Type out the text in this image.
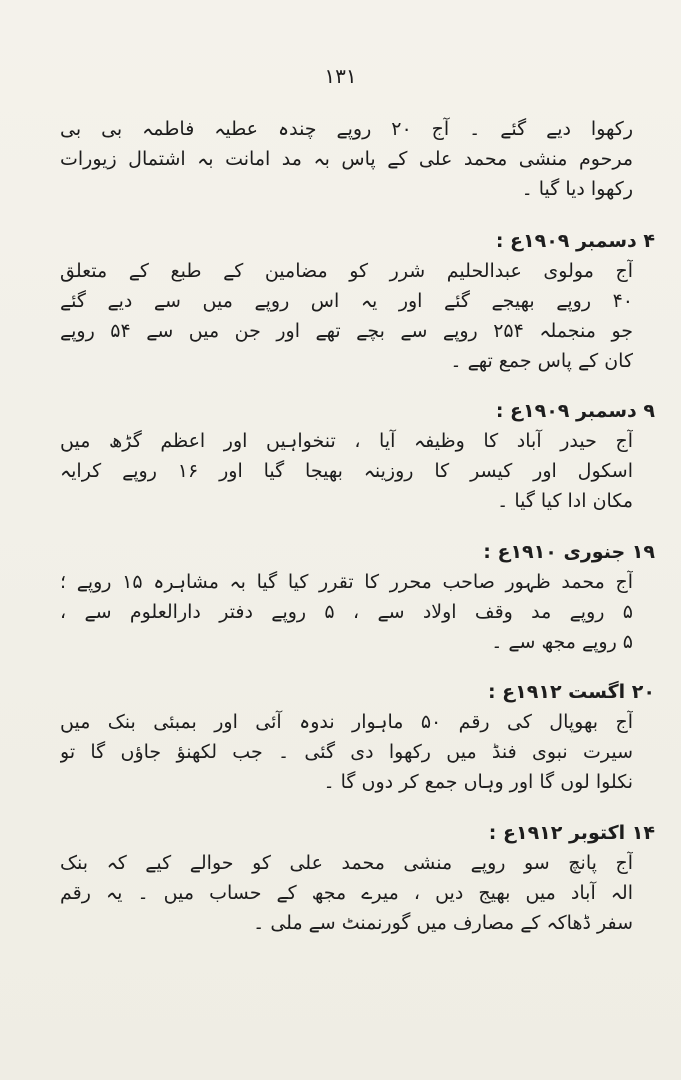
۱۳۱
رکھوا دیے گئے ۔ آج ۲۰ روپے چندہ عطیہ فاطمہ بی بی
مرحوم منشی محمد علی کے پاس بہ مد امانت بہ اشتمال زیورات
رکھوا دیا گیا ۔
۴ دسمبر ۱۹۰۹ع :
آج مولوی عبدالحلیم شرر کو مضامین کے طبع کے متعلق
۴۰ روپے بھیجے گئے اور یہ اس روپے میں سے دیے گئے
جو منجملہ ۲۵۴ روپے سے بچے تھے اور جن میں سے ۵۴ روپے
کان کے پاس جمع تھے ۔
۹ دسمبر ۱۹۰۹ع :
آج حیدر آباد کا وظیفہ آیا ، تنخواہیں اور اعظم گڑھ میں
اسکول اور کیسر کا روزینہ بھیجا گیا اور ۱۶ روپے کرایہ
مکان ادا کیا گیا ۔
۱۹ جنوری ۱۹۱۰ع :
آج محمد ظہور صاحب محرر کا تقرر کیا گیا بہ مشاہرہ ۱۵ روپے ؛
۵ روپے مد وقف اولاد سے ، ۵ روپے دفتر دارالعلوم سے ،
۵ روپے مجھ سے ۔
۲۰ اگست ۱۹۱۲ع :
آج بھوپال کی رقم ۵۰ ماہوار ندوہ آئی اور بمبئی بنک میں
سیرت نبوی فنڈ میں رکھوا دی گئی ۔ جب لکھنؤ جاؤں گا تو
نکلوا لوں گا اور وہاں جمع کر دوں گا ۔
۱۴ اکتوبر ۱۹۱۲ع :
آج پانچ سو روپے منشی محمد علی کو حوالے کیے کہ بنک
الہ آباد میں بھیج دیں ، میرے مجھ کے حساب میں ۔ یہ رقم
سفر ڈھاکہ کے مصارف میں گورنمنٹ سے ملی ۔
